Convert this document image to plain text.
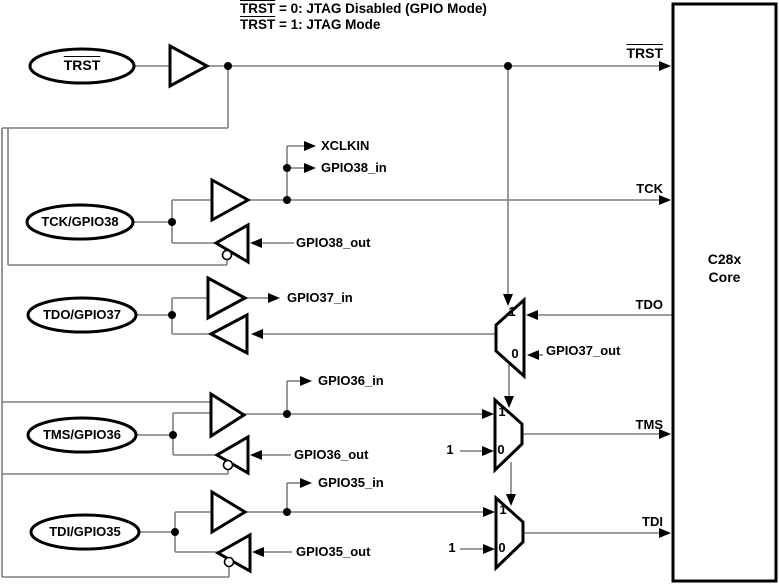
TRST = 0: JTAG Disabled (GPIO Mode)
TRST = 1: JTAG Mode
TRST
TCK/GPIO38
TDO/GPIO37
TMS/GPIO36
TDI/GPIO35
C28x
Core
TRST
TCK
TDO
TMS
TDI
XCLKIN
GPIO38_in
GPIO38_out
GPIO37_in
GPIO37_out
GPIO36_in
GPIO36_out
GPIO35_in
GPIO35_out
1
0
1
0
1
0
1
1
